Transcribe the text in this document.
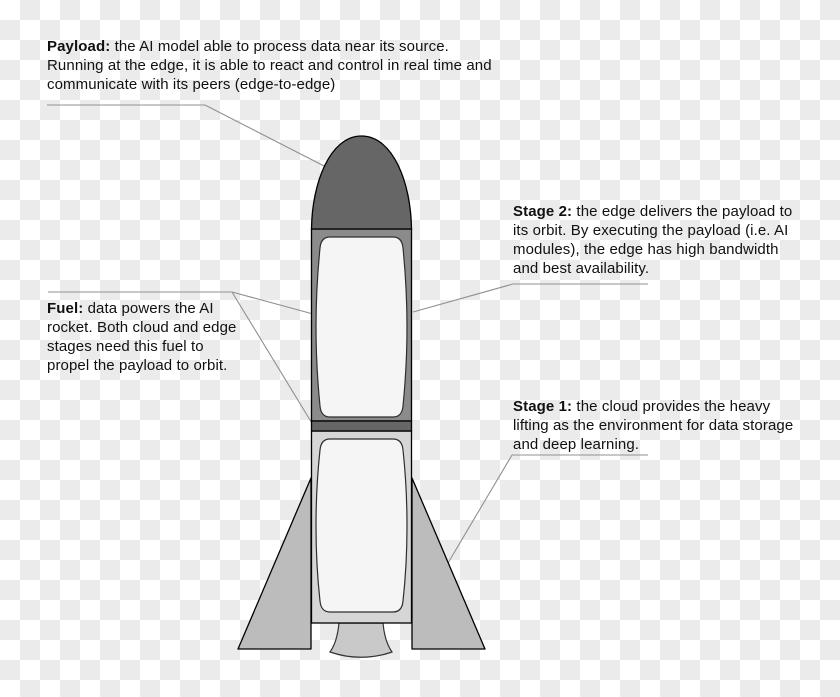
Payload: the AI model able to process data near its source. Running at the edge, it is able to react and control in real time and communicate with its peers (edge-to-edge)
Stage 2: the edge delivers the payload to its orbit. By executing the payload (i.e. AI modules), the edge has high bandwidth and best availability.
Fuel: data powers the AI rocket. Both cloud and edge stages need this fuel to propel the payload to orbit.
Stage 1: the cloud provides the heavy lifting as the environment for data storage and deep learning.
